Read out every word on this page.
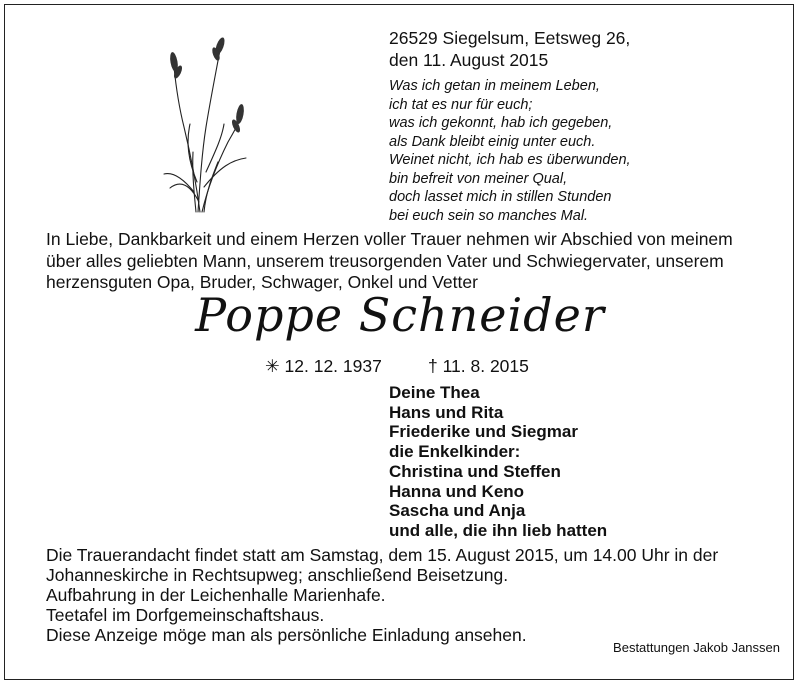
26529 Siegelsum, Eetsweg 26,
den 11. August 2015
Was ich getan in meinem Leben,
ich tat es nur für euch;
was ich gekonnt, hab ich gegeben,
als Dank bleibt einig unter euch.
Weinet nicht, ich hab es überwunden,
bin befreit von meiner Qual,
doch lasset mich in stillen Stunden
bei euch sein so manches Mal.
In Liebe, Dankbarkeit und einem Herzen voller Trauer nehmen wir Abschied von meinem
über alles geliebten Mann, unserem treusorgenden Vater und Schwiegervater, unserem
herzensguten Opa, Bruder, Schwager, Onkel und Vetter
Poppe Schneider
✳ 12. 12. 1937	† 11. 8. 2015
Deine Thea
Hans und Rita
Friederike und Siegmar
die Enkelkinder:
Christina und Steffen
Hanna und Keno
Sascha und Anja
und alle, die ihn lieb hatten
Die Trauerandacht findet statt am Samstag, dem 15. August 2015, um 14.00 Uhr in der
Johanneskirche in Rechtsupweg; anschließend Beisetzung.
Aufbahrung in der Leichenhalle Marienhafe.
Teetafel im Dorfgemeinschaftshaus.
Diese Anzeige möge man als persönliche Einladung ansehen.
Bestattungen Jakob Janssen
